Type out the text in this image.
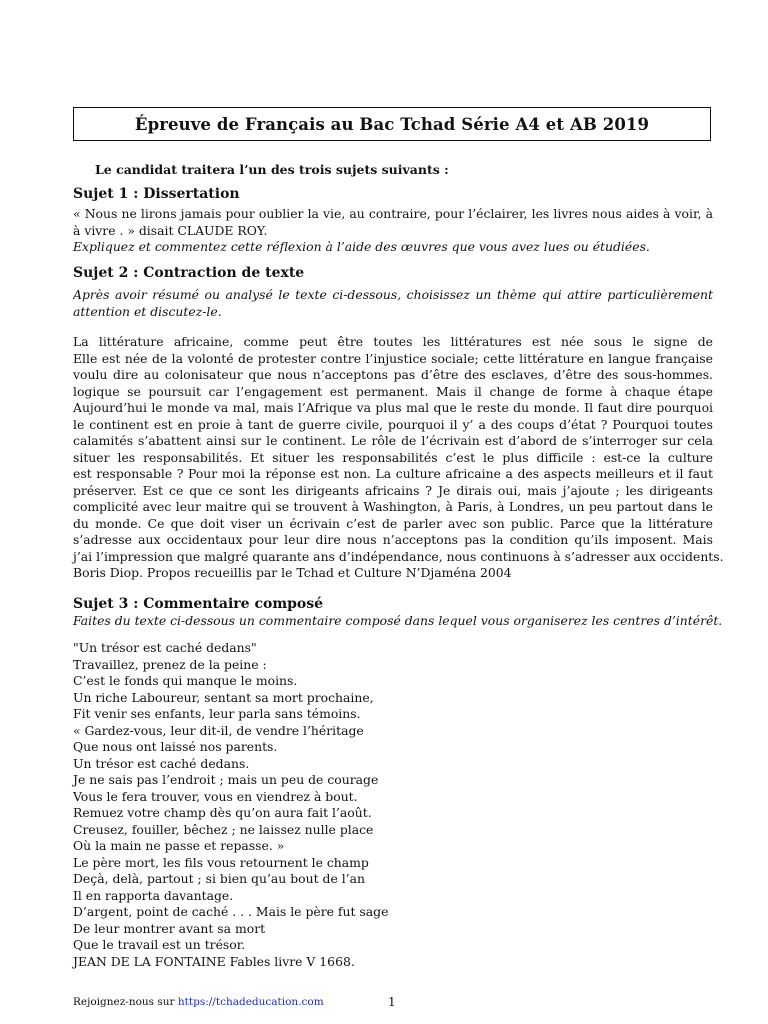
Épreuve de Français au Bac Tchad Série A4 et AB 2019
Le candidat traitera l’un des trois sujets suivants :
Sujet 1 : Dissertation
« Nous ne lirons jamais pour oublier la vie, au contraire, pour l’éclairer, les livres nous aides à voir, à
à vivre . » disait CLAUDE ROY.
Expliquez et commentez cette réflexion à l’aide des œuvres que vous avez lues ou étudiées.
Sujet 2 : Contraction de texte
Après avoir résumé ou analysé le texte ci-dessous, choisissez un thème qui attire particulièrement
attention et discutez-le.
La littérature africaine, comme peut être toutes les littératures est née sous le signe de
Elle est née de la volonté de protester contre l’injustice sociale; cette littérature en langue française
voulu dire au colonisateur que nous n’acceptons pas d’être des esclaves, d’être des sous-hommes.
logique se poursuit car l’engagement est permanent. Mais il change de forme à chaque étape
Aujourd’hui le monde va mal, mais l’Afrique va plus mal que le reste du monde. Il faut dire pourquoi
le continent est en proie à tant de guerre civile, pourquoi il y’ a des coups d’état ? Pourquoi toutes
calamités s’abattent ainsi sur le continent. Le rôle de l’écrivain est d’abord de s’interroger sur cela
situer les responsabilités. Et situer les responsabilités c’est le plus difficile : est-ce la culture
est responsable ? Pour moi la réponse est non. La culture africaine a des aspects meilleurs et il faut
préserver. Est ce que ce sont les dirigeants africains ? Je dirais oui, mais j’ajoute ; les dirigeants
complicité avec leur maitre qui se trouvent à Washington, à Paris, à Londres, un peu partout dans le
du monde. Ce que doit viser un écrivain c’est de parler avec son public. Parce que la littérature
s’adresse aux occidentaux pour leur dire nous n’acceptons pas la condition qu’ils imposent. Mais
j’ai l’impression que malgré quarante ans d’indépendance, nous continuons à s’adresser aux occidents.
Boris Diop. Propos recueillis par le Tchad et Culture N’Djaména 2004
Sujet 3 : Commentaire composé
Faites du texte ci-dessous un commentaire composé dans lequel vous organiserez les centres d’intérêt.
"Un trésor est caché dedans"
Travaillez, prenez de la peine :
C’est le fonds qui manque le moins.
Un riche Laboureur, sentant sa mort prochaine,
Fit venir ses enfants, leur parla sans témoins.
« Gardez-vous, leur dit-il, de vendre l’héritage
Que nous ont laissé nos parents.
Un trésor est caché dedans.
Je ne sais pas l’endroit ; mais un peu de courage
Vous le fera trouver, vous en viendrez à bout.
Remuez votre champ dès qu’on aura fait l’août.
Creusez, fouiller, bêchez ; ne laissez nulle place
Où la main ne passe et repasse. »
Le père mort, les fils vous retournent le champ
Deçà, delà, partout ; si bien qu’au bout de l’an
Il en rapporta davantage.
D’argent, point de caché . . . Mais le père fut sage
De leur montrer avant sa mort
Que le travail est un trésor.
JEAN DE LA FONTAINE Fables livre V 1668.
Rejoignez-nous sur https://tchadeducation.com	1
